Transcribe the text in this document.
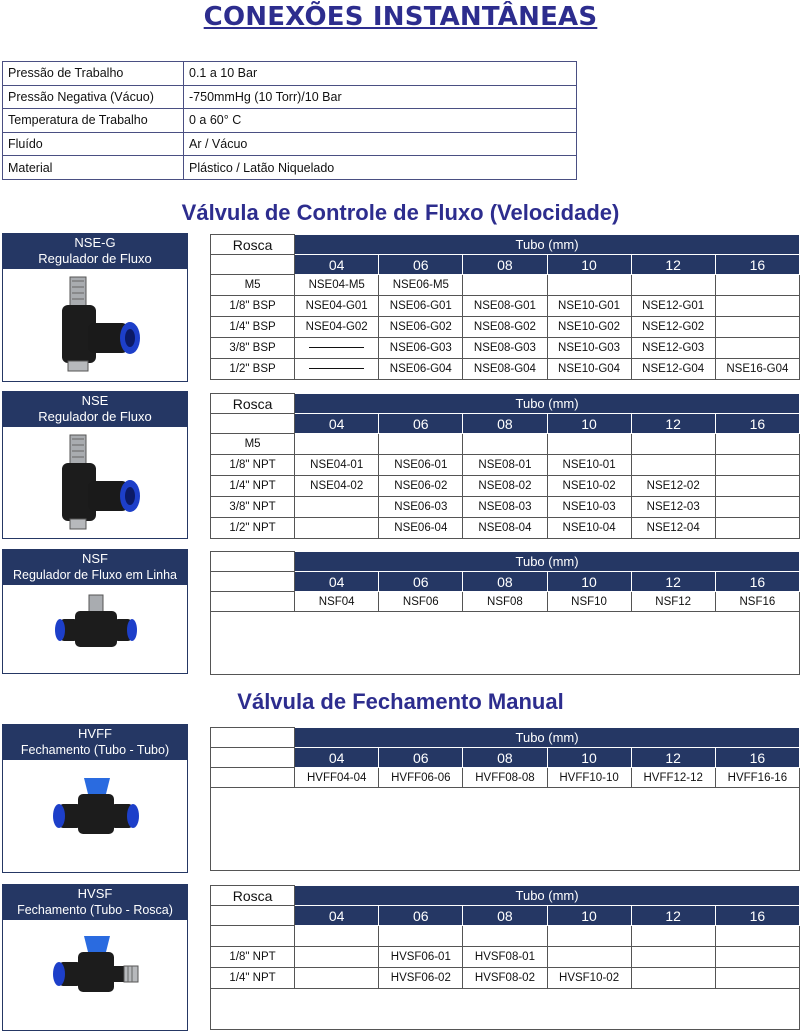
CONEXÕES INSTANTÂNEAS
Pressão de Trabalho	0.1 a 10 Bar
Pressão Negativa (Vácuo)	-750mmHg (10 Torr)/10 Bar
Temperatura de Trabalho	0 a 60° C
Fluído	Ar / Vácuo
Material	Plástico / Latão Niquelado
Válvula de Controle de Fluxo (Velocidade)
Válvula de Fechamento Manual
NSE-G
Regulador de Fluxo
Rosca	Tubo (mm)					
	04	06	08	10	12	16
M5	NSE04-M5	NSE06-M5				
1/8" BSP	NSE04-G01	NSE06-G01	NSE08-G01	NSE10-G01	NSE12-G01	
1/4" BSP	NSE04-G02	NSE06-G02	NSE08-G02	NSE10-G02	NSE12-G02	
3/8" BSP		NSE06-G03	NSE08-G03	NSE10-G03	NSE12-G03	
1/2" BSP		NSE06-G04	NSE08-G04	NSE10-G04	NSE12-G04	NSE16-G04
NSE
Regulador de Fluxo
Rosca	Tubo (mm)					
	04	06	08	10	12	16
M5						
1/8" NPT	NSE04-01	NSE06-01	NSE08-01	NSE10-01		
1/4" NPT	NSE04-02	NSE06-02	NSE08-02	NSE10-02	NSE12-02	
3/8" NPT		NSE06-03	NSE08-03	NSE10-03	NSE12-03	
1/2" NPT		NSE06-04	NSE08-04	NSE10-04	NSE12-04	
NSF
Regulador de Fluxo em Linha
	Tubo (mm)					
	04	06	08	10	12	16
	NSF04	NSF06	NSF08	NSF10	NSF12	NSF16

HVFF
Fechamento (Tubo - Tubo)
	Tubo (mm)					
	04	06	08	10	12	16
	HVFF04-04	HVFF06-06	HVFF08-08	HVFF10-10	HVFF12-12	HVFF16-16

HVSF
Fechamento (Tubo - Rosca)
Rosca	Tubo (mm)					
	04	06	08	10	12	16

1/8" NPT		HVSF06-01	HVSF08-01			
1/4" NPT		HVSF06-02	HVSF08-02	HVSF10-02		
